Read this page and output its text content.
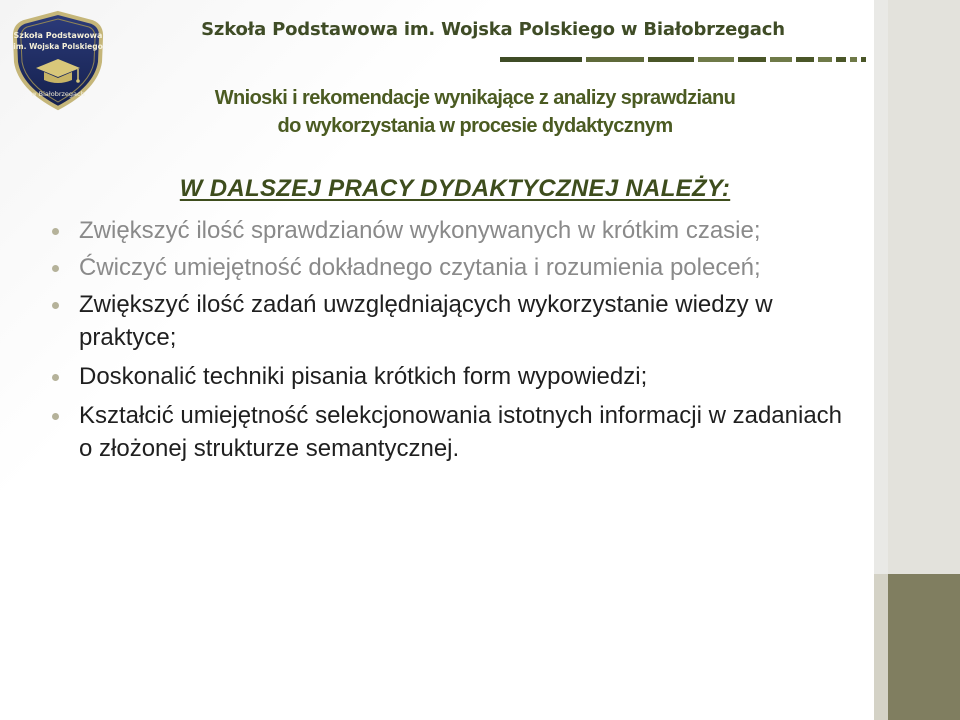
Szkoła Podstawowa
im. Wojska Polskiego
w Białobrzegach
Szkoła Podstawowa im. Wojska Polskiego w Białobrzegach
Wnioski i rekomendacje wynikające z analizy sprawdzianu
do wykorzystania w procesie dydaktycznym
W DALSZEJ PRACY DYDAKTYCZNEJ NALEŻY:
Zwiększyć ilość sprawdzianów wykonywanych w krótkim czasie;
Ćwiczyć umiejętność dokładnego czytania i rozumienia poleceń;
Zwiększyć ilość zadań uwzględniających wykorzystanie wiedzy w praktyce;
Doskonalić techniki pisania krótkich form wypowiedzi;
Kształcić umiejętność selekcjonowania istotnych informacji w zadaniach o złożonej strukturze semantycznej.
